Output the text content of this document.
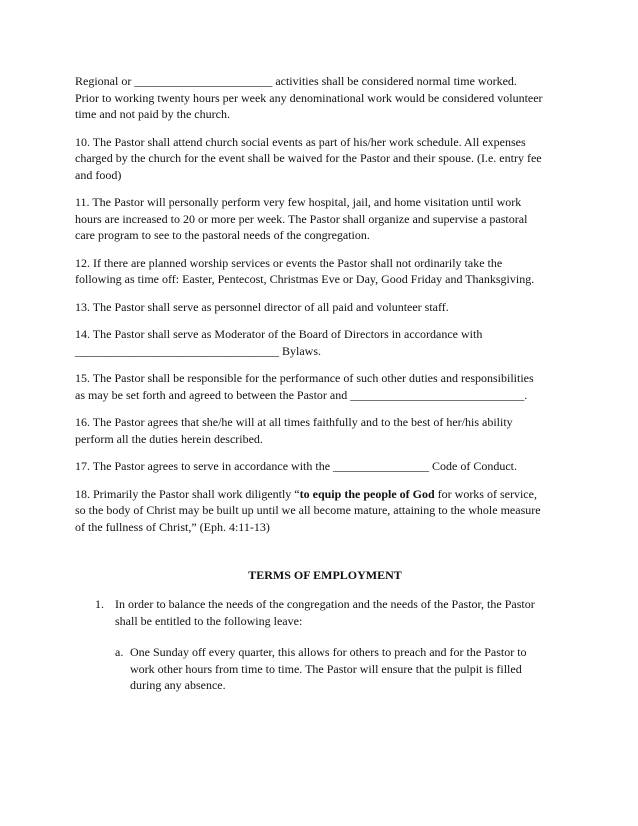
Regional or _______________________ activities shall be considered normal time worked.
Prior to working twenty hours per week any denominational work would be considered volunteer
time and not paid by the church.
10. The Pastor shall attend church social events as part of his/her work schedule. All expenses
charged by the church for the event shall be waived for the Pastor and their spouse. (I.e. entry fee
and food)
11. The Pastor will personally perform very few hospital, jail, and home visitation until work
hours are increased to 20 or more per week. The Pastor shall organize and supervise a pastoral
care program to see to the pastoral needs of the congregation.
12. If there are planned worship services or events the Pastor shall not ordinarily take the
following as time off: Easter, Pentecost, Christmas Eve or Day, Good Friday and Thanksgiving.
13. The Pastor shall serve as personnel director of all paid and volunteer staff.
14. The Pastor shall serve as Moderator of the Board of Directors in accordance with
__________________________________ Bylaws.
15. The Pastor shall be responsible for the performance of such other duties and responsibilities
as may be set forth and agreed to between the Pastor and _____________________________.
16. The Pastor agrees that she/he will at all times faithfully and to the best of her/his ability
perform all the duties herein described.
17. The Pastor agrees to serve in accordance with the ________________ Code of Conduct.
18. Primarily the Pastor shall work diligently “to equip the people of God for works of service,
so the body of Christ may be built up until we all become mature, attaining to the whole measure
of the fullness of Christ,” (Eph. 4:11-13)
TERMS OF EMPLOYMENT
1. In order to balance the needs of the congregation and the needs of the Pastor, the Pastor
shall be entitled to the following leave:
a. One Sunday off every quarter, this allows for others to preach and for the Pastor to
work other hours from time to time. The Pastor will ensure that the pulpit is filled
during any absence.
